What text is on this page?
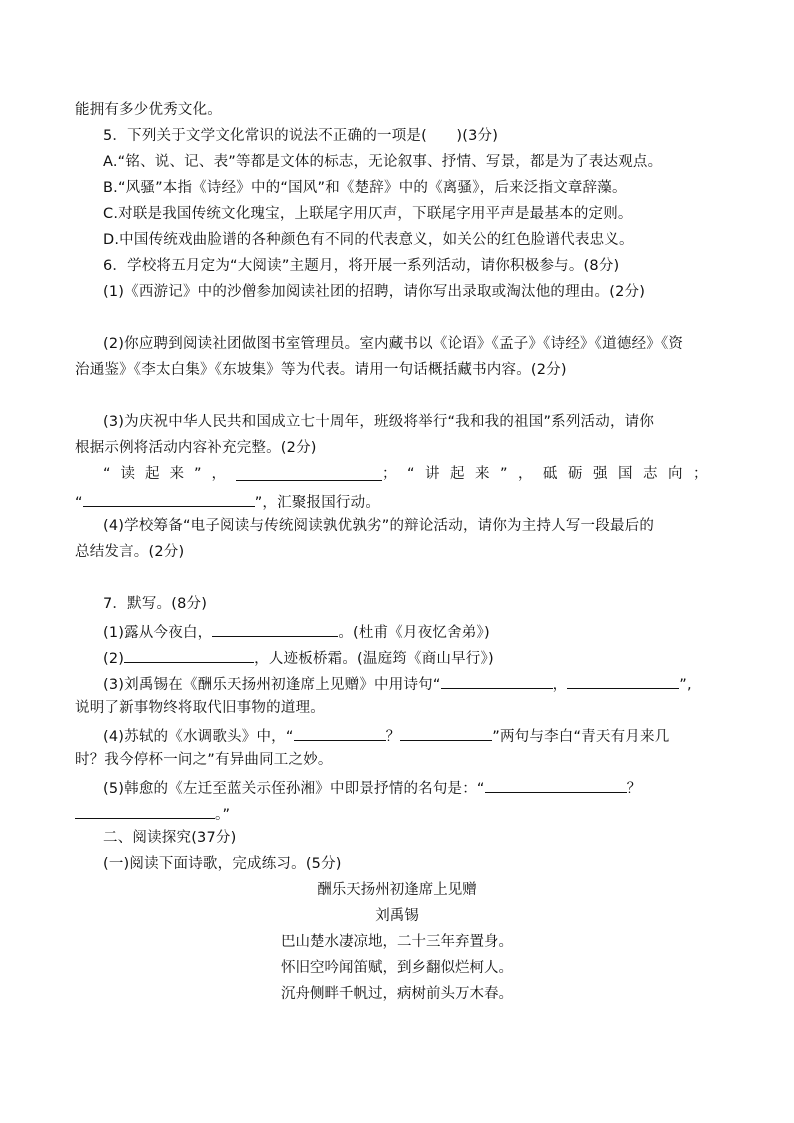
能拥有多少优秀文化。
5．下列关于文学文化常识的说法不正确的一项是(　　)(3分)
A.“铭、说、记、表”等都是文体的标志，无论叙事、抒情、写景，都是为了表达观点。
B.“风骚”本指《诗经》中的“国风”和《楚辞》中的《离骚》，后来泛指文章辞藻。
C.对联是我国传统文化瑰宝，上联尾字用仄声，下联尾字用平声是最基本的定则。
D.中国传统戏曲脸谱的各种颜色有不同的代表意义，如关公的红色脸谱代表忠义。
6．学校将五月定为“大阅读”主题月，将开展一系列活动，请你积极参与。(8分)
(1)《西游记》中的沙僧参加阅读社团的招聘，请你写出录取或淘汰他的理由。(2分)
(2)你应聘到阅读社团做图书室管理员。室内藏书以《论语》《孟子》《诗经》《道德经》《资
治通鉴》《李太白集》《东坡集》等为代表。请用一句话概括藏书内容。(2分)
(3)为庆祝中华人民共和国成立七十周年，班级将举行“我和我的祖国”系列活动，请你
根据示例将活动内容补充完整。(2分)
“读起来”，	；“讲起来”，砥砺强国志向；
“	”，汇聚报国行动。
(4)学校筹备“电子阅读与传统阅读孰优孰劣”的辩论活动，请你为主持人写一段最后的
总结发言。(2分)
7．默写。(8分)
(1)露从今夜白，	。(杜甫《月夜忆舍弟》)
(2)	，人迹板桥霜。(温庭筠《商山早行》)
(3)刘禹锡在《酬乐天扬州初逢席上见赠》中用诗句“	，	”,
说明了新事物终将取代旧事物的道理。
(4)苏轼的《水调歌头》中，“	？	”两句与李白“青天有月来几
时？我今停杯一问之”有异曲同工之妙。
(5)韩愈的《左迁至蓝关示侄孙湘》中即景抒情的名句是：“	？
。”
二、阅读探究(37分)
(一)阅读下面诗歌，完成练习。(5分)
酬乐天扬州初逢席上见赠
刘禹锡
巴山楚水凄凉地，二十三年弃置身。
怀旧空吟闻笛赋，到乡翻似烂柯人。
沉舟侧畔千帆过，病树前头万木春。
